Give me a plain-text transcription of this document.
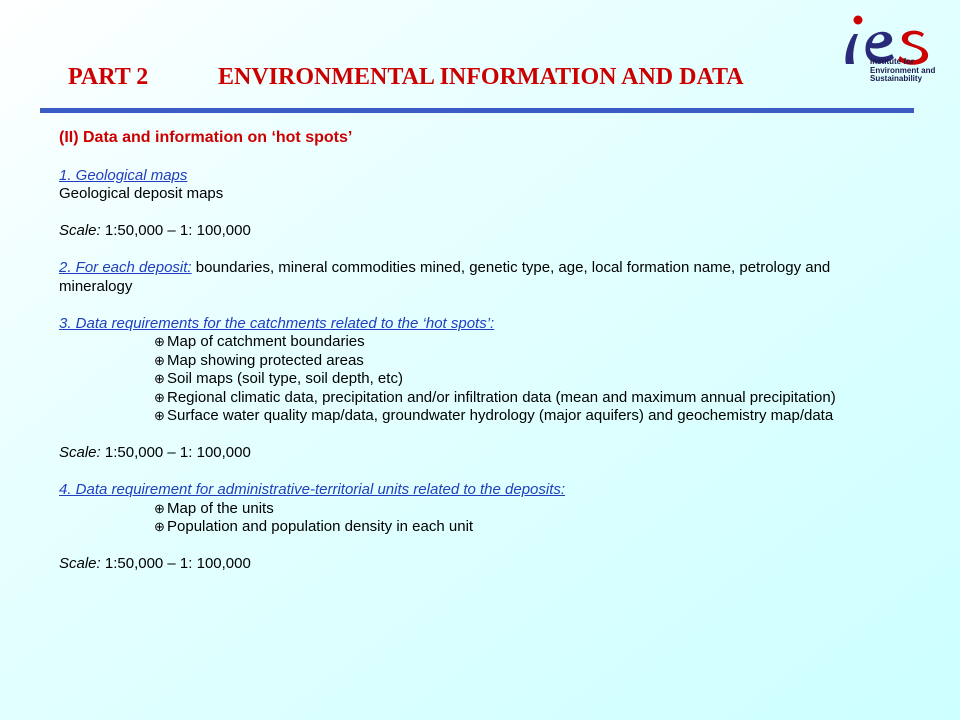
PART 2	ENVIRONMENTAL INFORMATION AND DATA
Institute for
Environment and
Sustainability
(II) Data and information on ‘hot spots’
1. Geological maps
Geological deposit maps
Scale: 1:50,000 – 1: 100,000
2. For each deposit: boundaries, mineral commodities mined, genetic type, age, local formation name, petrology and mineralogy
3. Data requirements for the catchments related to the ‘hot spots’:
⊕ Map of catchment boundaries
⊕ Map showing protected areas
⊕ Soil maps (soil type, soil depth, etc)
⊕ Regional climatic data, precipitation and/or infiltration data (mean and maximum annual precipitation)
⊕ Surface water quality map/data, groundwater hydrology (major aquifers) and geochemistry map/data
Scale: 1:50,000 – 1: 100,000
4. Data requirement for administrative-territorial units related to the deposits:
⊕ Map of the units
⊕ Population and population density in each unit
Scale: 1:50,000 – 1: 100,000
